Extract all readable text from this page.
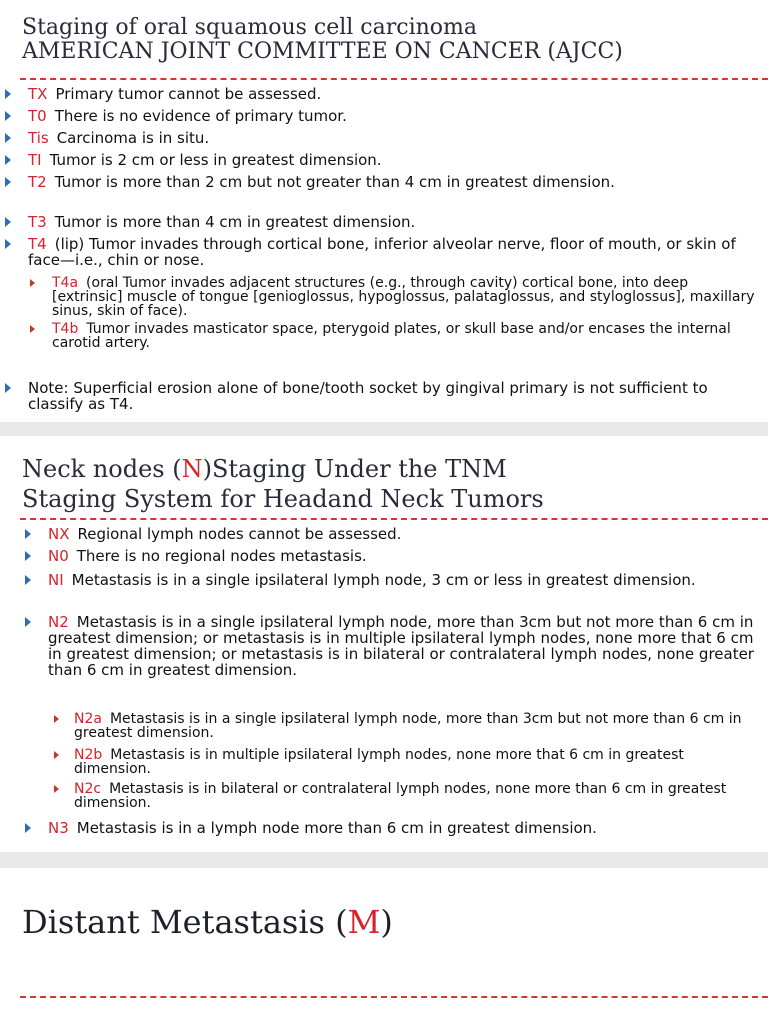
Staging of oral squamous cell carcinoma
AMERICAN JOINT COMMITTEE ON CANCER (AJCC)
TX Primary tumor cannot be assessed.
T0 There is no evidence of primary tumor.
Tis Carcinoma is in situ.
TI Tumor is 2 cm or less in greatest dimension.
T2 Tumor is more than 2 cm but not greater than 4 cm in greatest dimension.
T3 Tumor is more than 4 cm in greatest dimension.
T4 (lip) Tumor invades through cortical bone, inferior alveolar nerve, floor of mouth, or skin of face—i.e., chin or nose.
T4a (oral Tumor invades adjacent structures (e.g., through cavity) cortical bone, into deep [extrinsic] muscle of tongue [genioglossus, hypoglossus, palataglossus, and styloglossus], maxillary sinus, skin of face).
T4b Tumor invades masticator space, pterygoid plates, or skull base and/or encases the internal carotid artery.
Note: Superficial erosion alone of bone/tooth socket by gingival primary is not sufficient to classify as T4.
Neck nodes (N)Staging Under the TNM
Staging System for Headand Neck Tumors
NX Regional lymph nodes cannot be assessed.
N0 There is no regional nodes metastasis.
NI Metastasis is in a single ipsilateral lymph node, 3 cm or less in greatest dimension.
N2 Metastasis is in a single ipsilateral lymph node, more than 3cm but not more than 6 cm in greatest dimension; or metastasis is in multiple ipsilateral lymph nodes, none more that 6 cm in greatest dimension; or metastasis is in bilateral or contralateral lymph nodes, none greater than 6 cm in greatest dimension.
N2a Metastasis is in a single ipsilateral lymph node, more than 3cm but not more than 6 cm in greatest dimension.
N2b Metastasis is in multiple ipsilateral lymph nodes, none more that 6 cm in greatest dimension.
N2c Metastasis is in bilateral or contralateral lymph nodes, none more than 6 cm in greatest dimension.
N3 Metastasis is in a lymph node more than 6 cm in greatest dimension.
Distant Metastasis (M)
